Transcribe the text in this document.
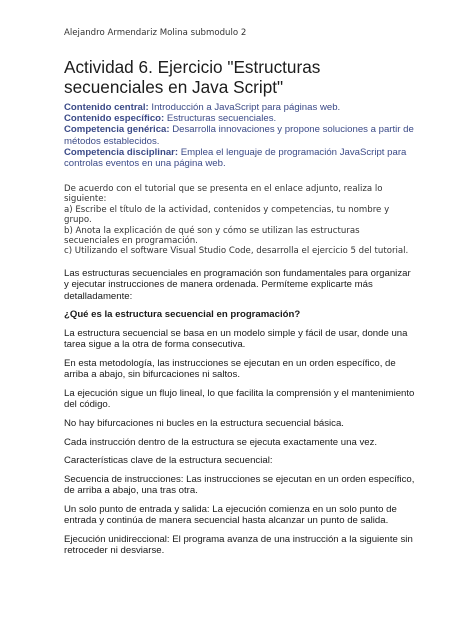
Alejandro Armendariz Molina submodulo 2
Actividad 6. Ejercicio "Estructuras secuenciales en Java Script"

Contenido central: Introducción a JavaScript para páginas web.

Contenido específico: Estructuras secuenciales.

Competencia genérica: Desarrolla innovaciones y propone soluciones a partir de métodos establecidos.

Competencia disciplinar: Emplea el lenguaje de programación JavaScript para controlas eventos en una página web.

De acuerdo con el tutorial que se presenta en el enlace adjunto, realiza lo siguiente:

a) Escribe el título de la actividad, contenidos y competencias, tu nombre y grupo.

b) Anota la explicación de qué son y cómo se utilizan las estructuras secuenciales en programación.

c) Utilizando el software Visual Studio Code, desarrolla el ejercicio 5 del tutorial.

Las estructuras secuenciales en programación son fundamentales para organizar y ejecutar instrucciones de manera ordenada. Permíteme explicarte más detalladamente:

¿Qué es la estructura secuencial en programación?

La estructura secuencial se basa en un modelo simple y fácil de usar, donde una tarea sigue a la otra de forma consecutiva.

En esta metodología, las instrucciones se ejecutan en un orden específico, de arriba a abajo, sin bifurcaciones ni saltos.

La ejecución sigue un flujo lineal, lo que facilita la comprensión y el mantenimiento del código.

No hay bifurcaciones ni bucles en la estructura secuencial básica.

Cada instrucción dentro de la estructura se ejecuta exactamente una vez.

Características clave de la estructura secuencial:

Secuencia de instrucciones: Las instrucciones se ejecutan en un orden específico, de arriba a abajo, una tras otra.

Un solo punto de entrada y salida: La ejecución comienza en un solo punto de entrada y continúa de manera secuencial hasta alcanzar un punto de salida.

Ejecución unidireccional: El programa avanza de una instrucción a la siguiente sin retroceder ni desviarse.
